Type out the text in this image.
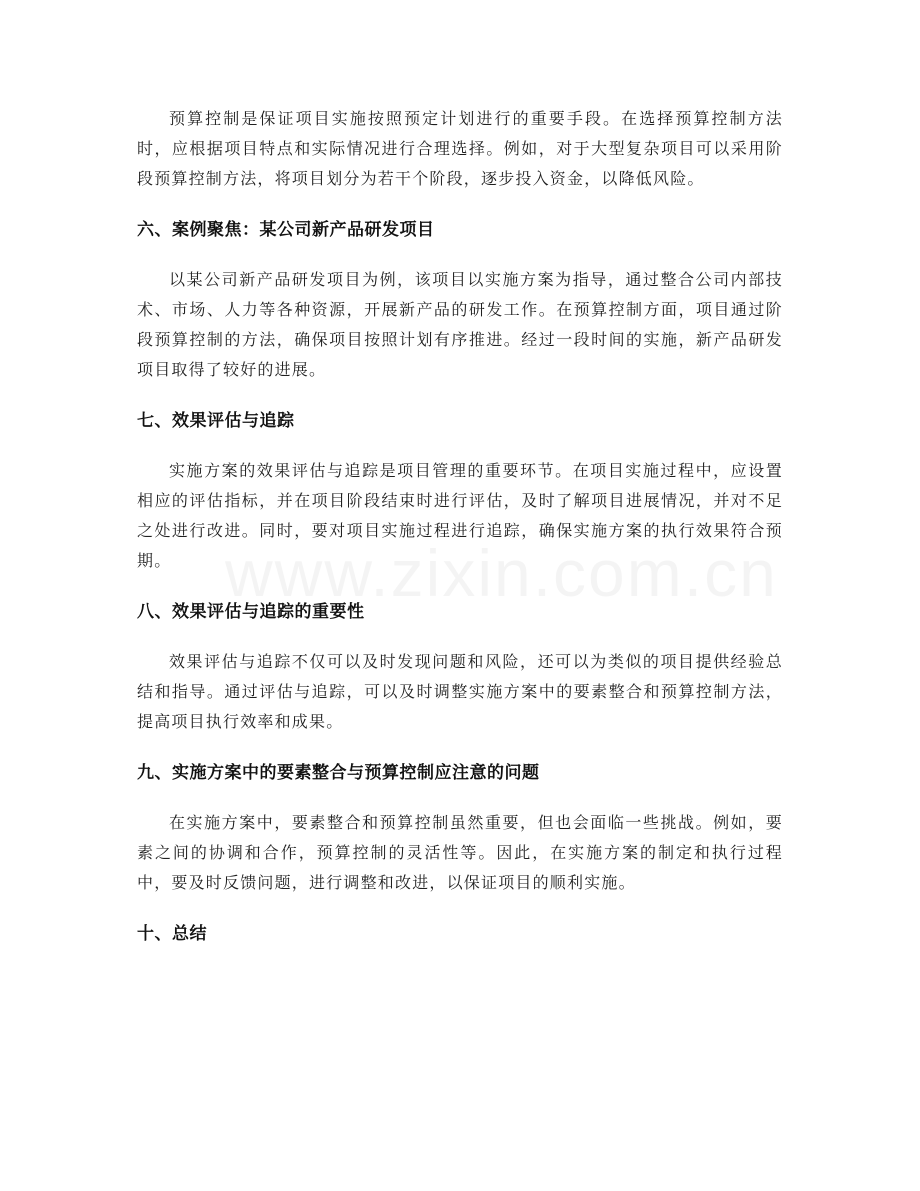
预算控制是保证项目实施按照预定计划进行的重要手段。在选择预算控制方法时，应根据项目特点和实际情况进行合理选择。例如，对于大型复杂项目可以采用阶段预算控制方法，将项目划分为若干个阶段，逐步投入资金，以降低风险。

六、案例聚焦：某公司新产品研发项目

以某公司新产品研发项目为例，该项目以实施方案为指导，通过整合公司内部技术、市场、人力等各种资源，开展新产品的研发工作。在预算控制方面，项目通过阶段预算控制的方法，确保项目按照计划有序推进。经过一段时间的实施，新产品研发项目取得了较好的进展。

七、效果评估与追踪

实施方案的效果评估与追踪是项目管理的重要环节。在项目实施过程中，应设置相应的评估指标，并在项目阶段结束时进行评估，及时了解项目进展情况，并对不足之处进行改进。同时，要对项目实施过程进行追踪，确保实施方案的执行效果符合预期。

八、效果评估与追踪的重要性

效果评估与追踪不仅可以及时发现问题和风险，还可以为类似的项目提供经验总结和指导。通过评估与追踪，可以及时调整实施方案中的要素整合和预算控制方法，提高项目执行效率和成果。

九、实施方案中的要素整合与预算控制应注意的问题

在实施方案中，要素整合和预算控制虽然重要，但也会面临一些挑战。例如，要素之间的协调和合作，预算控制的灵活性等。因此，在实施方案的制定和执行过程中，要及时反馈问题，进行调整和改进，以保证项目的顺利实施。

十、总结
